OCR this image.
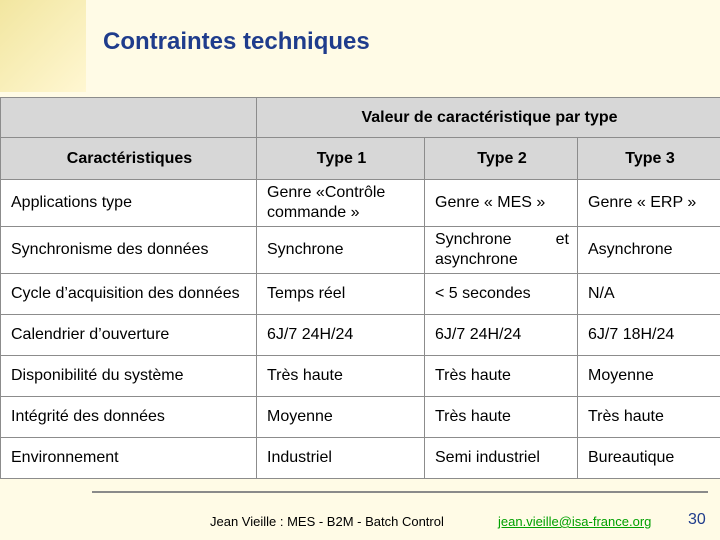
Contraintes techniques
	Valeur de caractéristique par type		
Caractéristiques	Type 1	Type 2	Type 3
Applications type	Genre «Contrôle commande »	Genre « MES »	Genre « ERP »
Synchronisme des données	Synchrone	Synchrone et asynchrone	Asynchrone
Cycle d’acquisition des données	Temps réel	< 5 secondes	N/A
Calendrier d’ouverture	6J/7 24H/24	6J/7 24H/24	6J/7 18H/24
Disponibilité du système	Très haute	Très haute	Moyenne
Intégrité des données	Moyenne	Très haute	Très haute
Environnement	Industriel	Semi industriel	Bureautique
Jean Vieille : MES - B2M - Batch Control	jean.vieille@isa-france.org 30
